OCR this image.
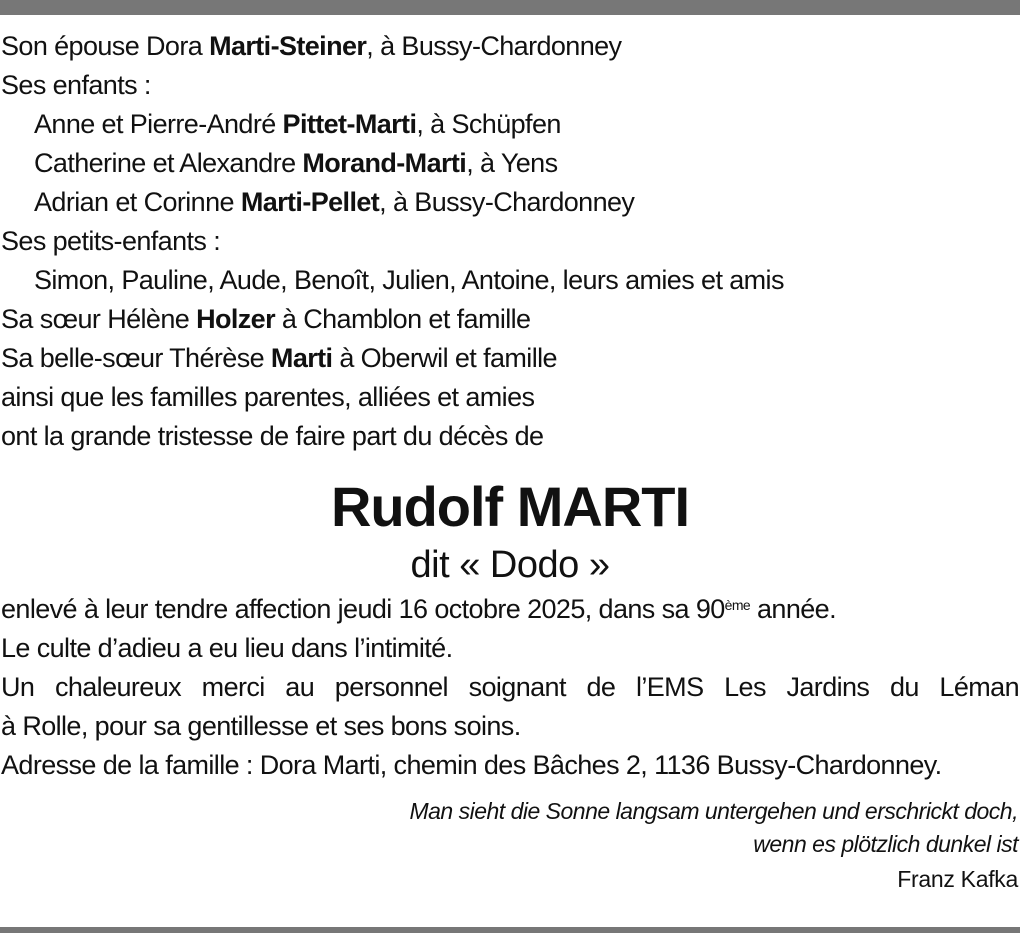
Son épouse Dora Marti-Steiner, à Bussy-Chardonney
Ses enfants :
Anne et Pierre-André Pittet-Marti, à Schüpfen
Catherine et Alexandre Morand-Marti, à Yens
Adrian et Corinne Marti-Pellet, à Bussy-Chardonney
Ses petits-enfants :
Simon, Pauline, Aude, Benoît, Julien, Antoine, leurs amies et amis
Sa sœur Hélène Holzer à Chamblon et famille
Sa belle-sœur Thérèse Marti à Oberwil et famille
ainsi que les familles parentes, alliées et amies
ont la grande tristesse de faire part du décès de
Rudolf MARTI
dit « Dodo »
enlevé à leur tendre affection jeudi 16 octobre 2025, dans sa 90ème année.
Le culte d’adieu a eu lieu dans l’intimité.
Un chaleureux merci au personnel soignant de l’EMS Les Jardins du Léman
à Rolle, pour sa gentillesse et ses bons soins.
Adresse de la famille : Dora Marti, chemin des Bâches 2, 1136 Bussy-Chardonney.
Man sieht die Sonne langsam untergehen und erschrickt doch,
wenn es plötzlich dunkel ist
Franz Kafka
